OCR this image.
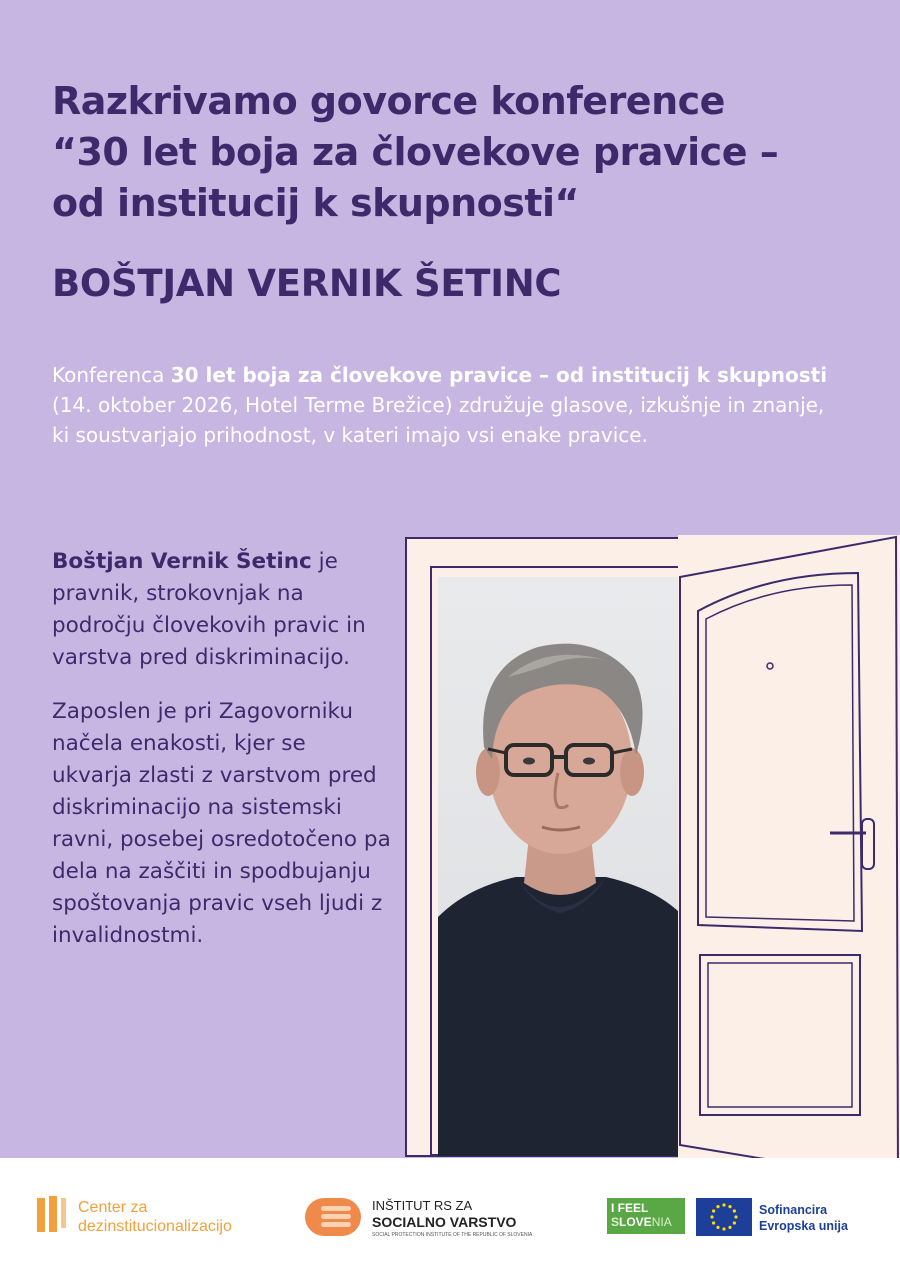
Razkrivamo govorce konference
“30 let boja za človekove pravice –
od institucij k skupnosti“
BOŠTJAN VERNIK ŠETINC

Konferenca 30 let boja za človekove pravice – od institucij k skupnosti (14. oktober 2026, Hotel Terme Brežice) združuje glasove, izkušnje in znanje, ki soustvarjajo prihodnost, v kateri imajo vsi enake pravice.

Boštjan Vernik Šetinc je pravnik, strokovnjak na področju človekovih pravic in varstva pred diskriminacijo.

Zaposlen je pri Zagovorniku načela enakosti, kjer se ukvarja zlasti z varstvom pred diskriminacijo na sistemski ravni, posebej osredotočeno pa dela na zaščiti in spodbujanju spoštovanja pravic vseh ljudi z invalidnostmi.

Center za
dezinstitucionalizacijo
INŠTITUT RS ZA
SOCIALNO VARSTVO
SOCIAL PROTECTION INSTITUTE OF THE REPUBLIC OF SLOVENIA
I FEEL
SLOVENIA
Sofinancira
Evropska unija
